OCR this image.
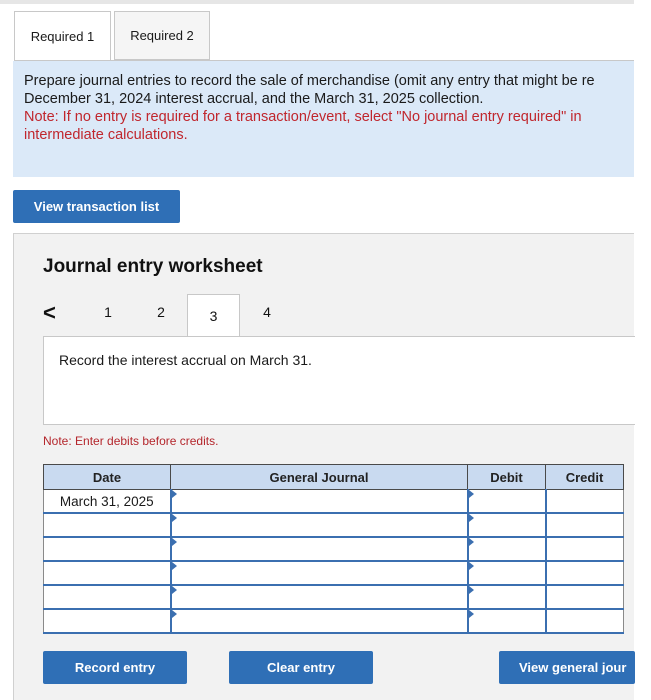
Required 1	Required 2
Prepare journal entries to record the sale of merchandise (omit any entry that might be re
December 31, 2024 interest accrual, and the March 31, 2025 collection.
Note: If no entry is required for a transaction/event, select "No journal entry required" in
intermediate calculations.
View transaction list
Journal entry worksheet
<	1	2	3	4
Record the interest accrual on March 31.
Note: Enter debits before credits.
Date	General Journal	Debit	Credit
March 31, 2025	

Record entry	Clear entry	View general jour
